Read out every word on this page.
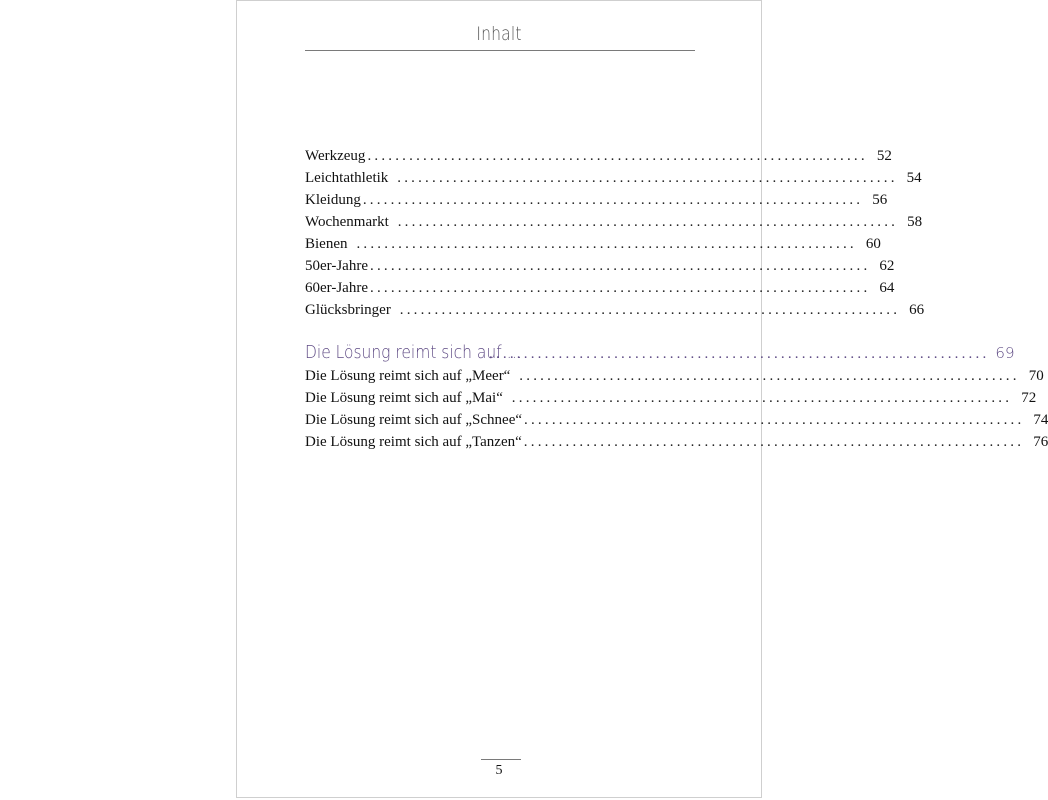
Inhalt
Werkzeug ........................................................................ 52
Leichtathletik ........................................................................ 54
Kleidung ........................................................................ 56
Wochenmarkt ........................................................................ 58
Bienen ........................................................................ 60
50er-Jahre ........................................................................ 62
60er-Jahre ........................................................................ 64
Glücksbringer ........................................................................ 66
Die Lösung reimt sich auf …
........................................................................ 69
Die Lösung reimt sich auf „Meer“ ........................................................................ 70
Die Lösung reimt sich auf „Mai“ ........................................................................ 72
Die Lösung reimt sich auf „Schnee“ ........................................................................ 74
Die Lösung reimt sich auf „Tanzen“ ........................................................................ 76
5
